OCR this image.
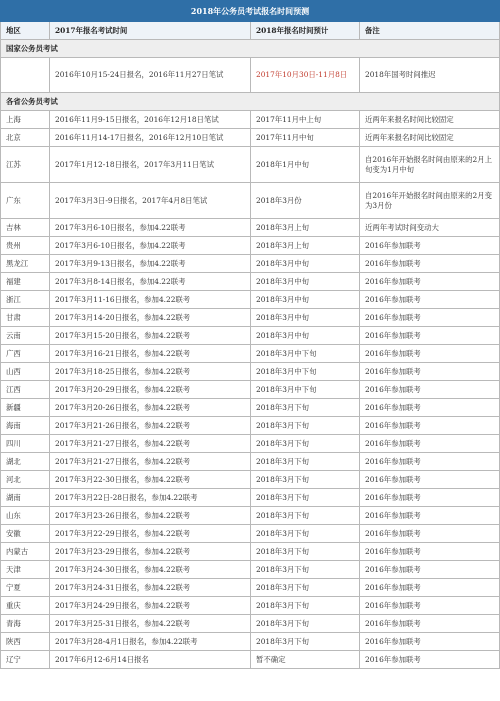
2018年公务员考试报名时间预测			
地区	2017年报名考试时间	2018年报名时间预计	备注
国家公务员考试			
	2016年10月15-24日报名，2016年11月27日笔试	2017年10月30日-11月8日	2018年国考时间推迟
各省公务员考试			
上海	2016年11月9-15日报名，2016年12月18日笔试	2017年11月中上旬	近两年来报名时间比较固定
北京	2016年11月14-17日报名，2016年12月10日笔试	2017年11月中旬	近两年来报名时间比较固定
江苏	2017年1月12-18日报名，2017年3月11日笔试	2018年1月中旬	自2016年开始报名时间由原来的2月上旬变为1月中旬
广东	2017年3月3日-9日报名，2017年4月8日笔试	2018年3月份	自2016年开始报名时间由原来的2月变为3月份
吉林	2017年3月6-10日报名，参加4.22联考	2018年3月上旬	近两年考试时间变动大
贵州	2017年3月6-10日报名，参加4.22联考	2018年3月上旬	2016年参加联考
黑龙江	2017年3月9-13日报名，参加4.22联考	2018年3月中旬	2016年参加联考
福建	2017年3月8-14日报名，参加4.22联考	2018年3月中旬	2016年参加联考
浙江	2017年3月11-16日报名，参加4.22联考	2018年3月中旬	2016年参加联考
甘肃	2017年3月14-20日报名，参加4.22联考	2018年3月中旬	2016年参加联考
云南	2017年3月15-20日报名，参加4.22联考	2018年3月中旬	2016年参加联考
广西	2017年3月16-21日报名，参加4.22联考	2018年3月中下旬	2016年参加联考
山西	2017年3月18-25日报名，参加4.22联考	2018年3月中下旬	2016年参加联考
江西	2017年3月20-29日报名，参加4.22联考	2018年3月中下旬	2016年参加联考
新疆	2017年3月20-26日报名，参加4.22联考	2018年3月下旬	2016年参加联考
海南	2017年3月21-26日报名，参加4.22联考	2018年3月下旬	2016年参加联考
四川	2017年3月21-27日报名，参加4.22联考	2018年3月下旬	2016年参加联考
湖北	2017年3月21-27日报名，参加4.22联考	2018年3月下旬	2016年参加联考
河北	2017年3月22-30日报名，参加4.22联考	2018年3月下旬	2016年参加联考
湖南	2017年3月22日-28日报名，参加4.22联考	2018年3月下旬	2016年参加联考
山东	2017年3月23-26日报名，参加4.22联考	2018年3月下旬	2016年参加联考
安徽	2017年3月22-29日报名，参加4.22联考	2018年3月下旬	2016年参加联考
内蒙古	2017年3月23-29日报名，参加4.22联考	2018年3月下旬	2016年参加联考
天津	2017年3月24-30日报名，参加4.22联考	2018年3月下旬	2016年参加联考
宁夏	2017年3月24-31日报名，参加4.22联考	2018年3月下旬	2016年参加联考
重庆	2017年3月24-29日报名，参加4.22联考	2018年3月下旬	2016年参加联考
青海	2017年3月25-31日报名，参加4.22联考	2018年3月下旬	2016年参加联考
陕西	2017年3月28-4月1日报名，参加4.22联考	2018年3月下旬	2016年参加联考
辽宁	2017年6月12-6月14日报名	暂不确定	2016年参加联考
